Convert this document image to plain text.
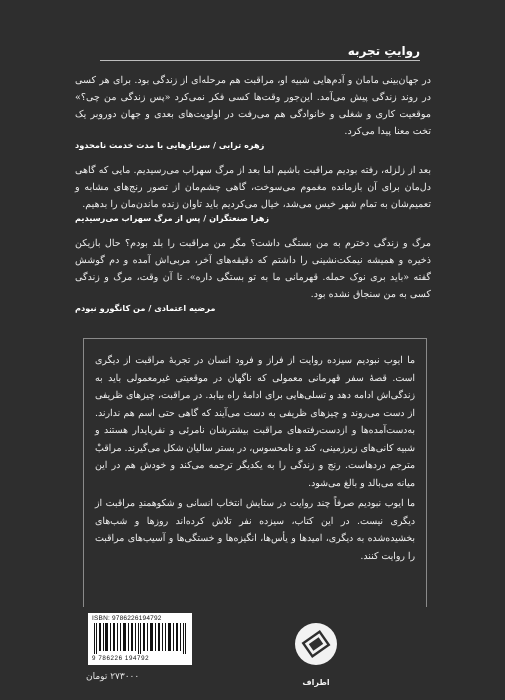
روایتِ تجربه
در جهان‌بینی مامان و آدم‌هایی شبیه او، مراقبت هم مرحله‌ای از زندگی بود. برای هر کسی در روند زندگی پیش می‌آمد. این‌جور وقت‌ها کسی فکر نمی‌کرد «پس زندگی من چی؟» موقعیت کاری و شغلی و خانوادگی هم می‌رفت در اولویت‌های بعدی و جهان دوروبر یک تخت معنا پیدا می‌کرد.
زهره ترابی / سربازهایی با مدت خدمت نامحدود
بعد از زلزله، رفته بودیم مراقبت باشیم اما بعد از مرگ سهراب می‌رسیدیم. مایی که گاهی دل‌مان برای آن بازمانده مغموم می‌سوخت، گاهی چشم‌مان از تصور رنج‌های مشابه و تعمیم‌شان به تمام شهر خیس می‌شد، خیال می‌کردیم باید تاوان زنده ماندن‌مان را بدهیم.
زهرا صنعتگران / پس از مرگ سهراب می‌رسیدیم
مرگ و زندگی دخترم به من بستگی داشت؟ مگر من مراقبت را بلد بودم؟ حال بازیکن ذخیره و همیشه نیمکت‌نشینی را داشتم که دقیقه‌های آخر، مربی‌اش آمده و دم گوشش گفته «باید بری نوک حمله. قهرمانی ما به تو بستگی داره». تا آن وقت، مرگ و زندگی کسی به من سنجاق نشده بود.
مرضیه اعتمادی / من کانگورو نبودم

ما ایوب نبودیم سیزده روایت از فراز و فرود انسان در تجربهٔ مراقبت از دیگری است. قصهٔ سفر قهرمانی معمولی که ناگهان در موقعیتی غیرمعمولی باید به زندگی‌اش ادامه دهد و تسلی‌هایی برای ادامهٔ راه بیابد. در مراقبت، چیزهای ظریفی از دست می‌روند و چیزهای ظریفی به دست می‌آیند که گاهی حتی اسم هم ندارند. به‌دست‌آمده‌ها و ازدست‌رفته‌های مراقبت بیشترشان نامرئی و نفرپایدار هستند و شبیه کانی‌های زیرزمینی، کند و نامحسوس، در بستر سالیان شکل می‌گیرند. مراقبْ مترجم دردهاست. رنج و زندگی را به یکدیگر ترجمه می‌کند و خودش هم در این میانه می‌بالد و بالغ می‌شود.

ما ایوب نبودیم صرفاً چند روایت در ستایش انتخاب انسانی و شکوهمندِ مراقبت از دیگری نیست. در این کتاب، سیزده نفر تلاش کرده‌اند روزها و شب‌های بخشیده‌شده به دیگری، امیدها و یأس‌ها، انگیزه‌ها و خستگی‌ها و آسیب‌های مراقبت را روایت کنند.

ISBN: 9786226194792
9 786226 194792
۲۷۳۰۰۰ تومان
اطراف
